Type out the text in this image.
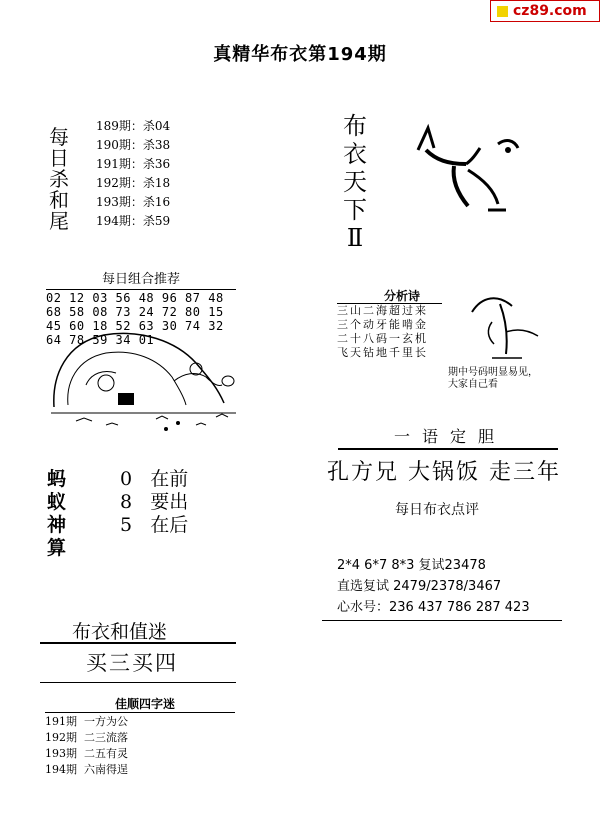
cz89.com
真精华布衣第194期
每
日
杀
和
尾
189期：杀04
190期：杀38
191期：杀36
192期：杀18
193期：杀16
194期：杀59
每日组合推荐
02 12 03 56 48 96 87 48
68 58 08 73 24 72 80 15
45 60 18 52 63 30 74 32
64 78 59 34 01
布
衣
天
下
Ⅱ
分析诗
三山二海超过来
三个动牙能啃金
二十八码一玄机
飞天钻地千里长
期中号码明显易见，
大家自己看
一语定胆
孔方兄 大锅饭 走三年
每日布衣点评
2*4 6*7 8*3 复试23478
直选复试 2479/2378/3467
心水号：236 437 786 287 423
蚂
蚁
神
算
0 在前
8 要出
5 在后
布衣和值迷
买三买四
佳顺四字迷
191期 一方为公
192期 二三流落
193期 二五有灵
194期 六南得逞
